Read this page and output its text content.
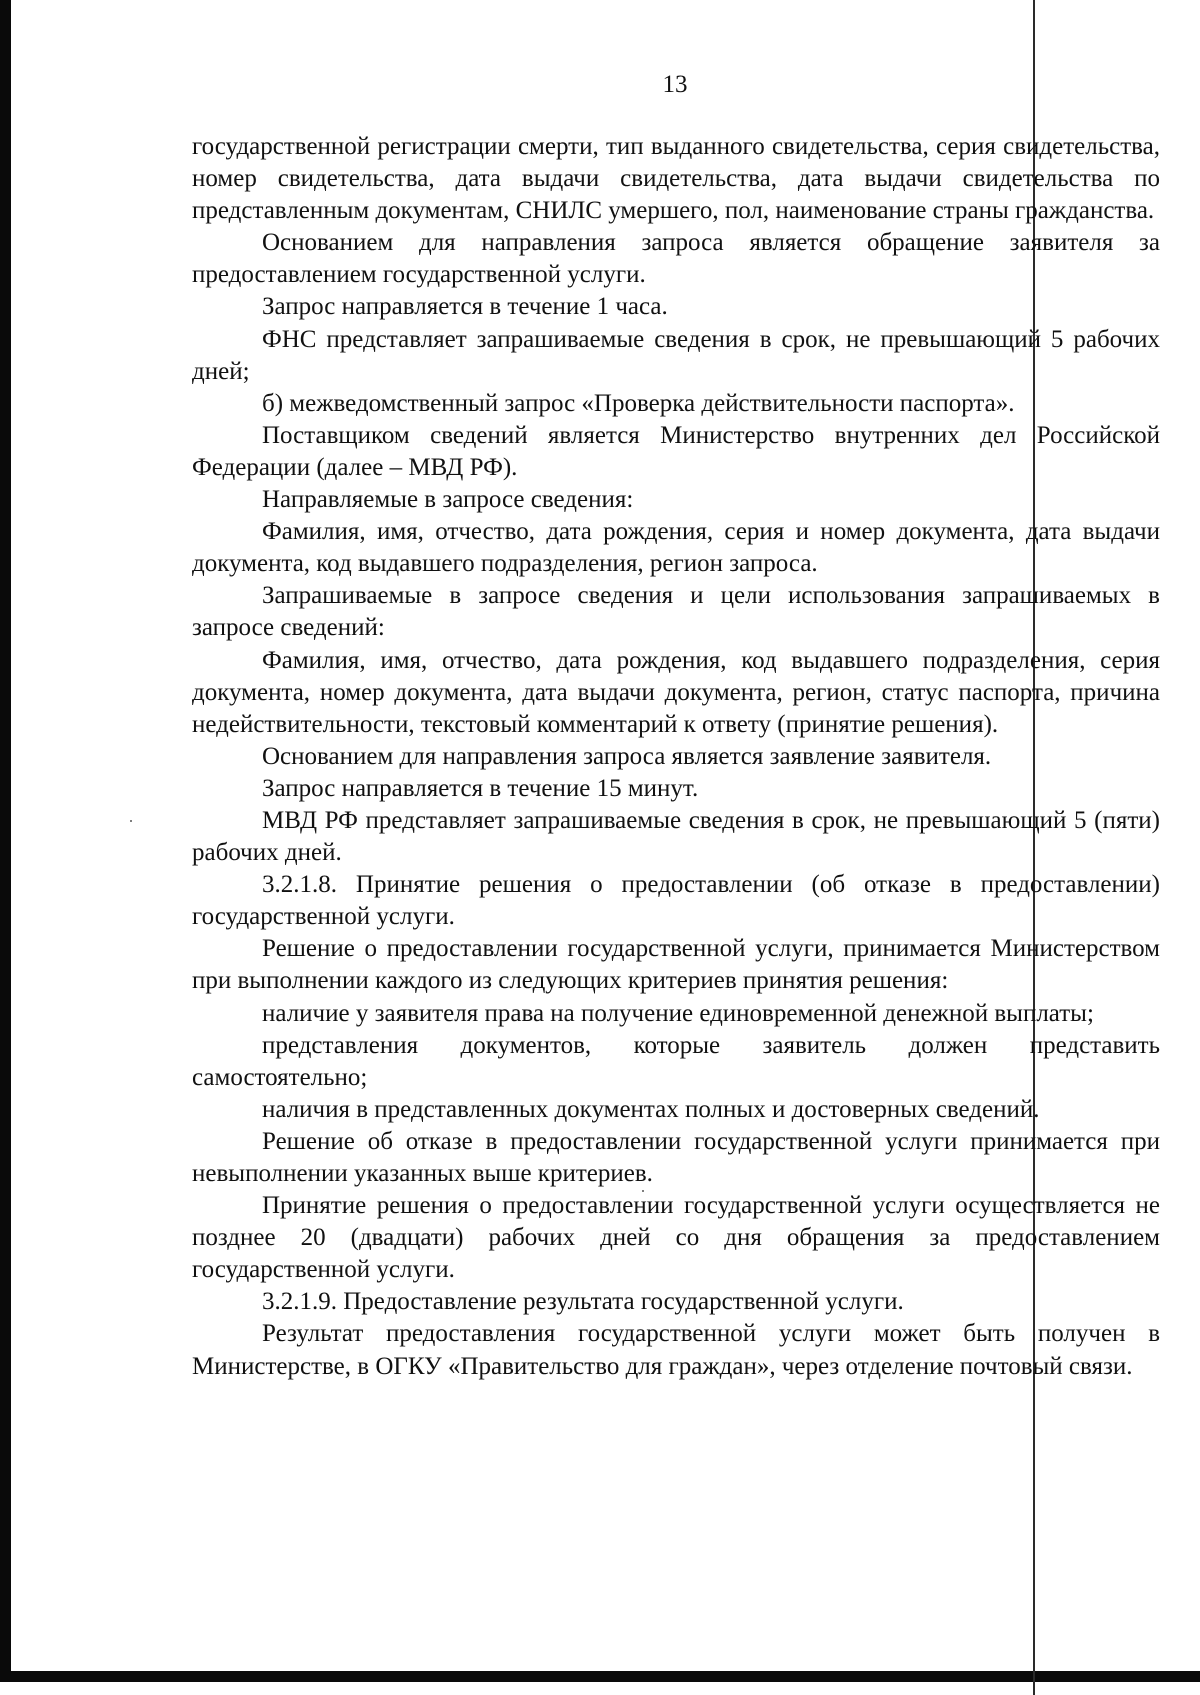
13

государственной регистрации смерти, тип выданного свидетельства, серия свидетельства, номер свидетельства, дата выдачи свидетельства, дата выдачи свидетельства по представленным документам, СНИЛС умершего, пол, наименование страны гражданства.

Основанием для направления запроса является обращение заявителя за предоставлением государственной услуги.

Запрос направляется в течение 1 часа.

ФНС представляет запрашиваемые сведения в срок, не превышающий 5 рабочих дней;

б) межведомственный запрос «Проверка действительности паспорта».

Поставщиком сведений является Министерство внутренних дел Российской Федерации (далее – МВД РФ).

Направляемые в запросе сведения:

Фамилия, имя, отчество, дата рождения, серия и номер документа, дата выдачи документа, код выдавшего подразделения, регион запроса.

Запрашиваемые в запросе сведения и цели использования запрашиваемых в запросе сведений:

Фамилия, имя, отчество, дата рождения, код выдавшего подразделения, серия документа, номер документа, дата выдачи документа, регион, статус паспорта, причина недействительности, текстовый комментарий к ответу (принятие решения).

Основанием для направления запроса является заявление заявителя.

Запрос направляется в течение 15 минут.

МВД РФ представляет запрашиваемые сведения в срок, не превышающий 5 (пяти) рабочих дней.

3.2.1.8. Принятие решения о предоставлении (об отказе в предоставлении) государственной услуги.

Решение о предоставлении государственной услуги, принимается Министерством при выполнении каждого из следующих критериев принятия решения:

наличие у заявителя права на получение единовременной денежной выплаты;

представления документов, которые заявитель должен представить самостоятельно;

наличия в представленных документах полных и достоверных сведений.

Решение об отказе в предоставлении государственной услуги принимается при невыполнении указанных выше критериев.

Принятие решения о предоставлении государственной услуги осуществляется не позднее 20 (двадцати) рабочих дней со дня обращения за предоставлением государственной услуги.

3.2.1.9. Предоставление результата государственной услуги.

Результат предоставления государственной услуги может быть получен в Министерстве, в ОГКУ «Правительство для граждан», через отделение почтовый связи.
